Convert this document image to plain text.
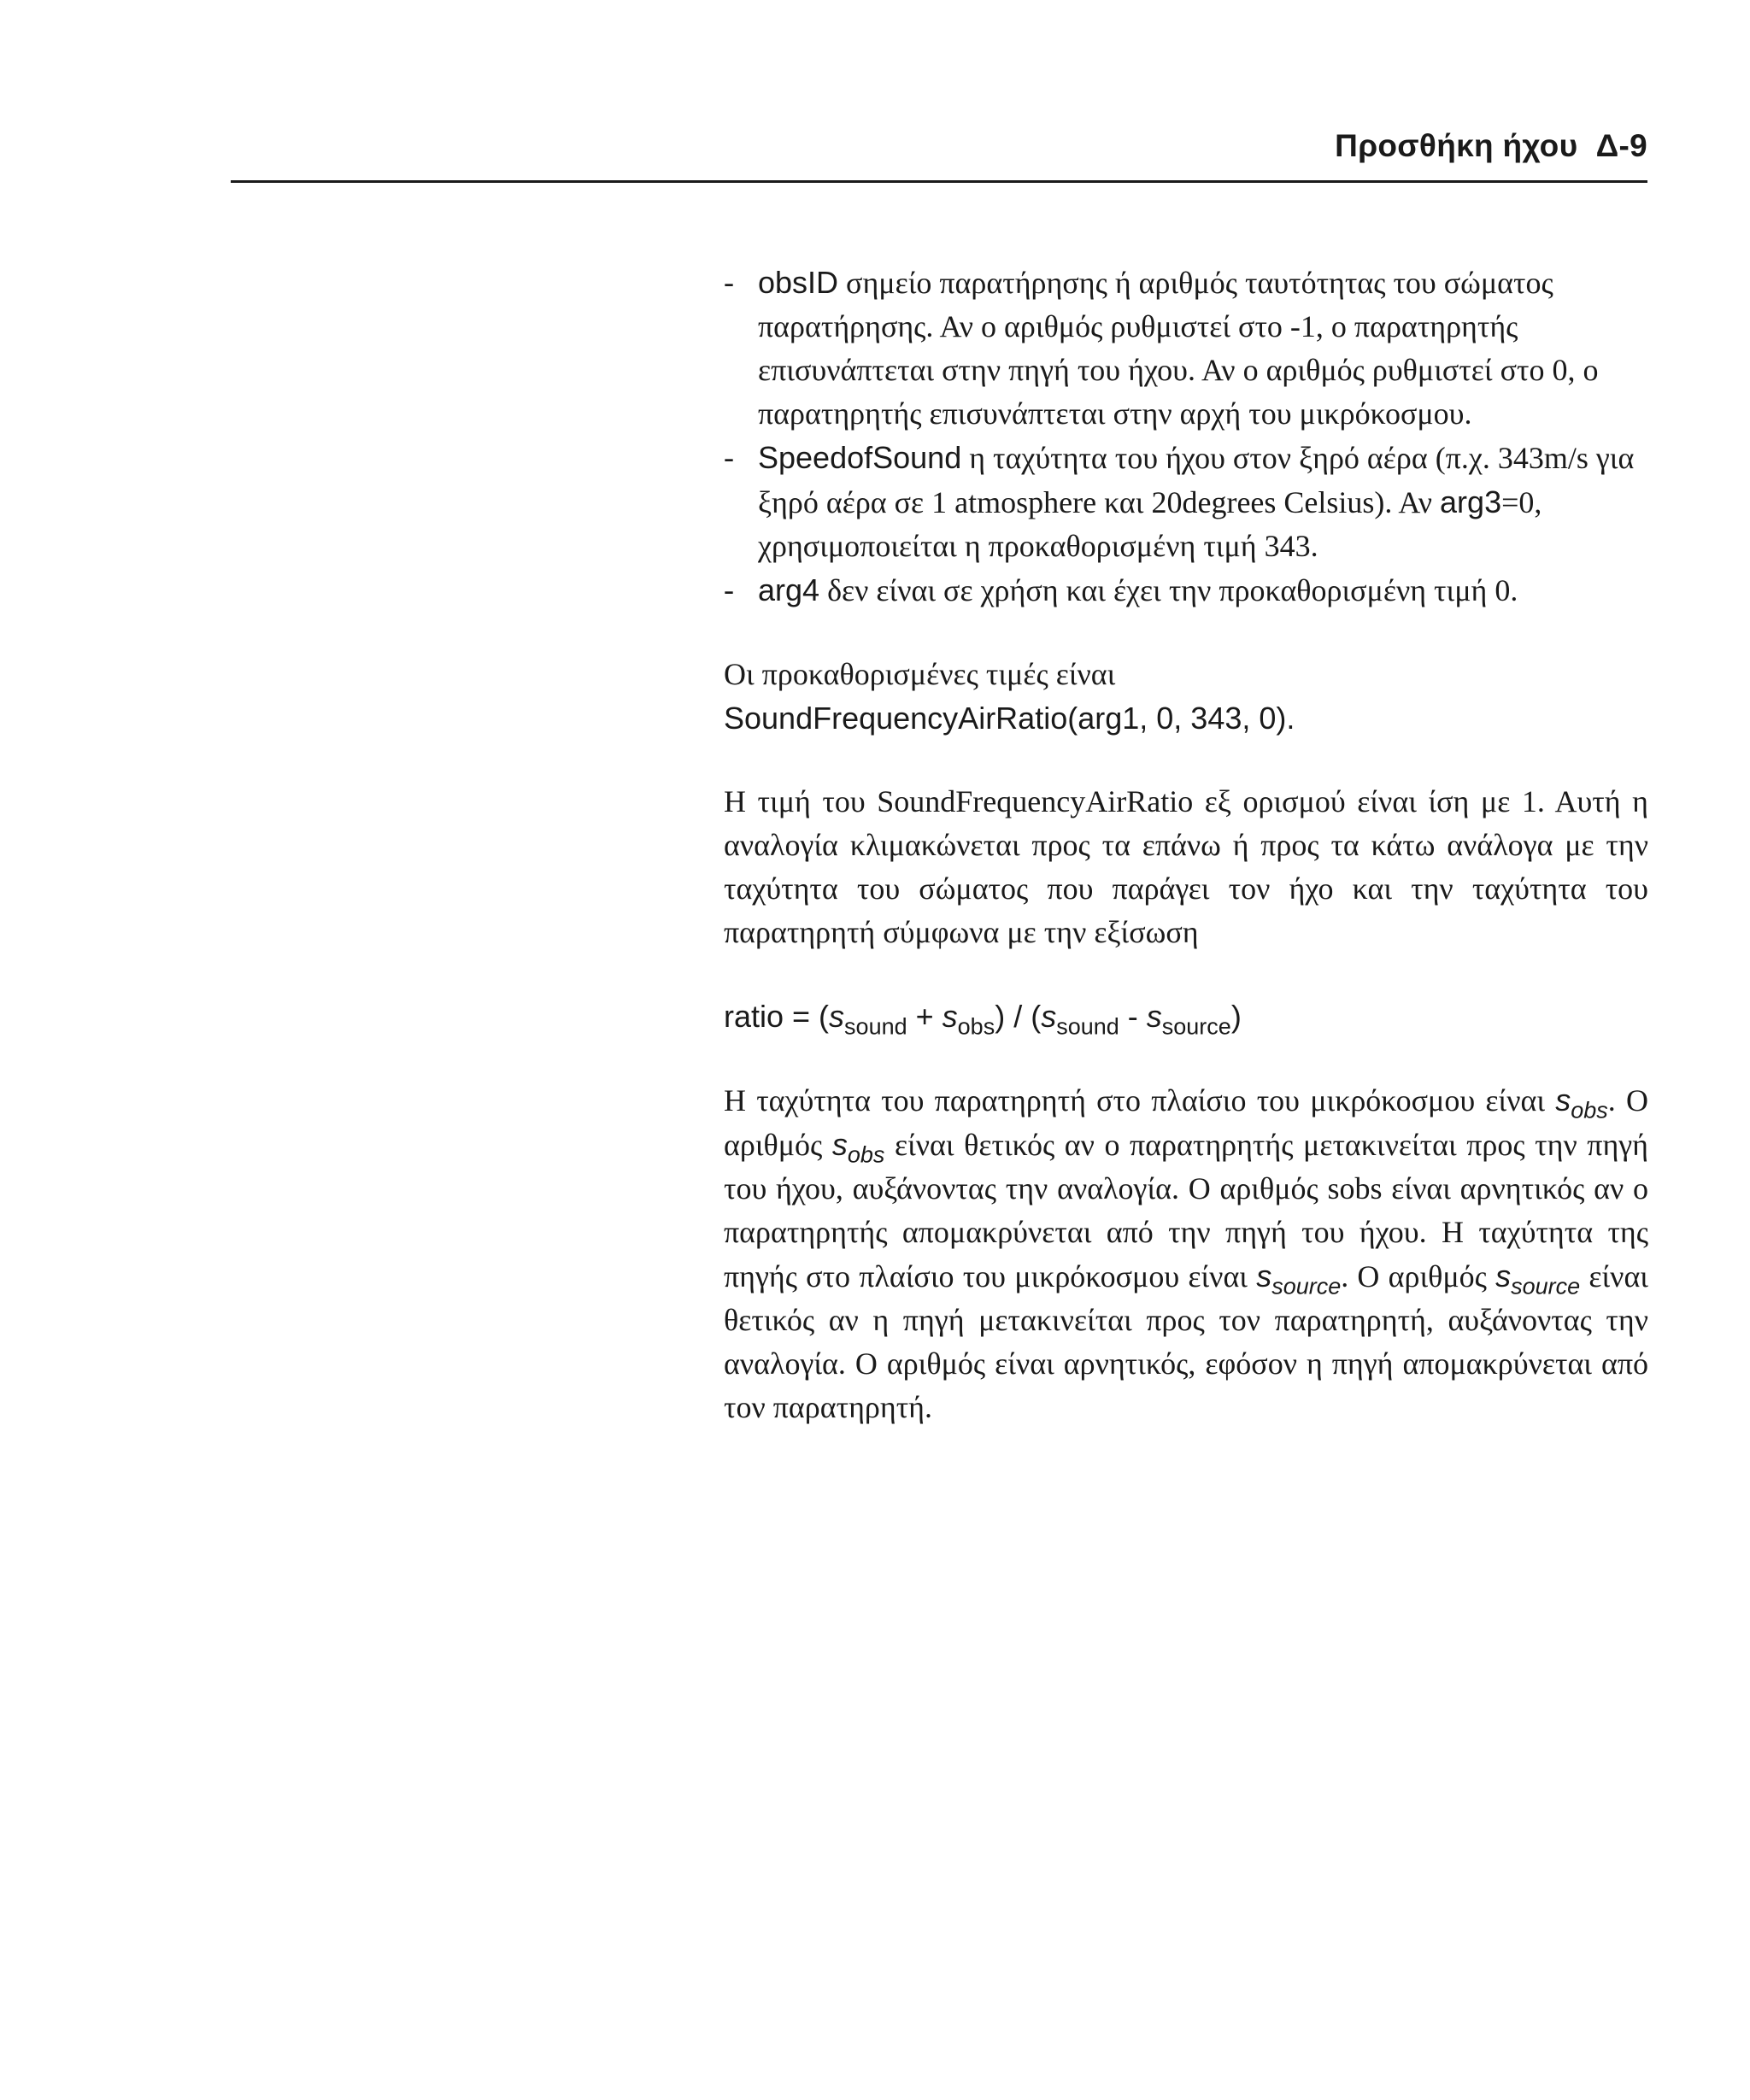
Προσθήκη ήχου Δ-9
- obsID σημείο παρατήρησης ή αριθμός ταυτότητας του σώματος παρατήρησης. Αν ο αριθμός ρυθμιστεί στο -1, ο παρατηρητής επισυνάπτεται στην πηγή του ήχου. Αν ο αριθμός ρυθμιστεί στο 0, ο παρατηρητής επισυνάπτεται στην αρχή του μικρόκοσμου.
- SpeedofSound η ταχύτητα του ήχου στον ξηρό αέρα (π.χ. 343m/s για ξηρό αέρα σε 1 atmosphere και 20degrees Celsius). Αν arg3=0, χρησιμοποιείται η προκαθορισμένη τιμή 343.
- arg4 δεν είναι σε χρήση και έχει την προκαθορισμένη τιμή 0.
Οι προκαθορισμένες τιμές είναι
SoundFrequencyAirRatio(arg1, 0, 343, 0).
Η τιμή του SoundFrequencyAirRatio εξ ορισμού είναι ίση με 1. Αυτή η αναλογία κλιμακώνεται προς τα επάνω ή προς τα κάτω ανάλογα με την ταχύτητα του σώματος που παράγει τον ήχο και την ταχύτητα του παρατηρητή σύμφωνα με την εξίσωση
ratio = $(s_{sound} + s_{obs}) / (s_{sound} - s_{source})$
Η ταχύτητα του παρατηρητή στο πλαίσιο του μικρόκοσμου είναι $s_{obs}$. Ο αριθμός $s_{obs}$ είναι θετικός αν ο παρατηρητής μετακινείται προς την πηγή του ήχου, αυξάνοντας την αναλογία. Ο αριθμός sobs είναι αρνητικός αν ο παρατηρητής απομακρύνεται από την πηγή του ήχου. Η ταχύτητα της πηγής στο πλαίσιο του μικρόκοσμου είναι $s_{source}$. Ο αριθμός $s_{source}$ είναι θετικός αν η πηγή μετακινείται προς τον παρατηρητή, αυξάνοντας την αναλογία. Ο αριθμός είναι αρνητικός, εφόσον η πηγή απομακρύνεται από τον παρατηρητή.
